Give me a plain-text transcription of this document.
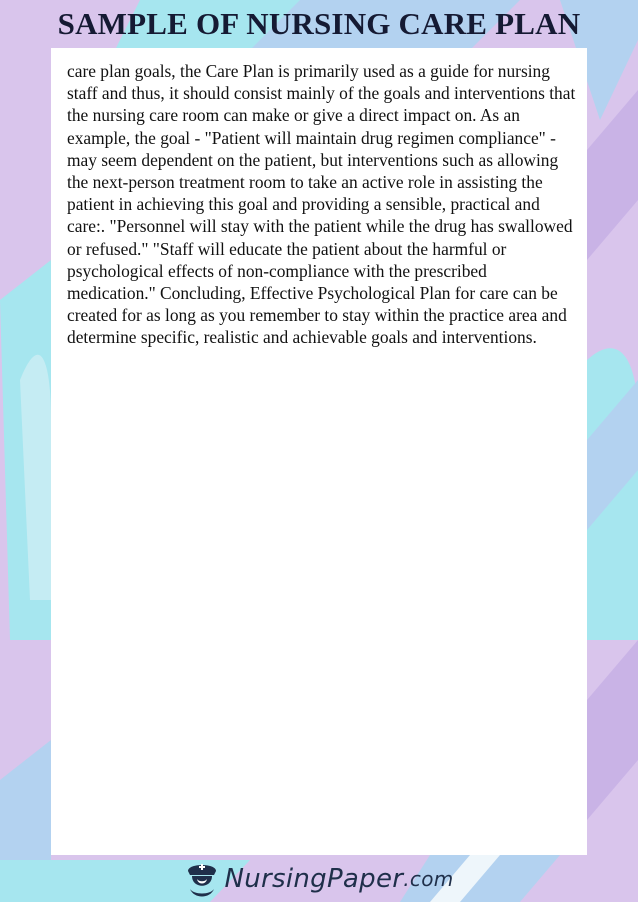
SAMPLE OF NURSING CARE PLAN

care plan goals, the Care Plan is primarily used as a guide for nursing staff and thus, it should consist mainly of the goals and interventions that the nursing care room can make or give a direct impact on. As an example, the goal - "Patient will maintain drug regimen compliance" - may seem dependent on the patient, but interventions such as allowing the next-person treatment room to take an active role in assisting the patient in achieving this goal and providing a sensible, practical and care:. "Personnel will stay with the patient while the drug has swallowed or refused." "Staff will educate the patient about the harmful or psychological effects of non-compliance with the prescribed medication." Concluding, Effective Psychological Plan for care can be created for as long as you remember to stay within the practice area and determine specific, realistic and achievable goals and interventions.

NursingPaper .com
